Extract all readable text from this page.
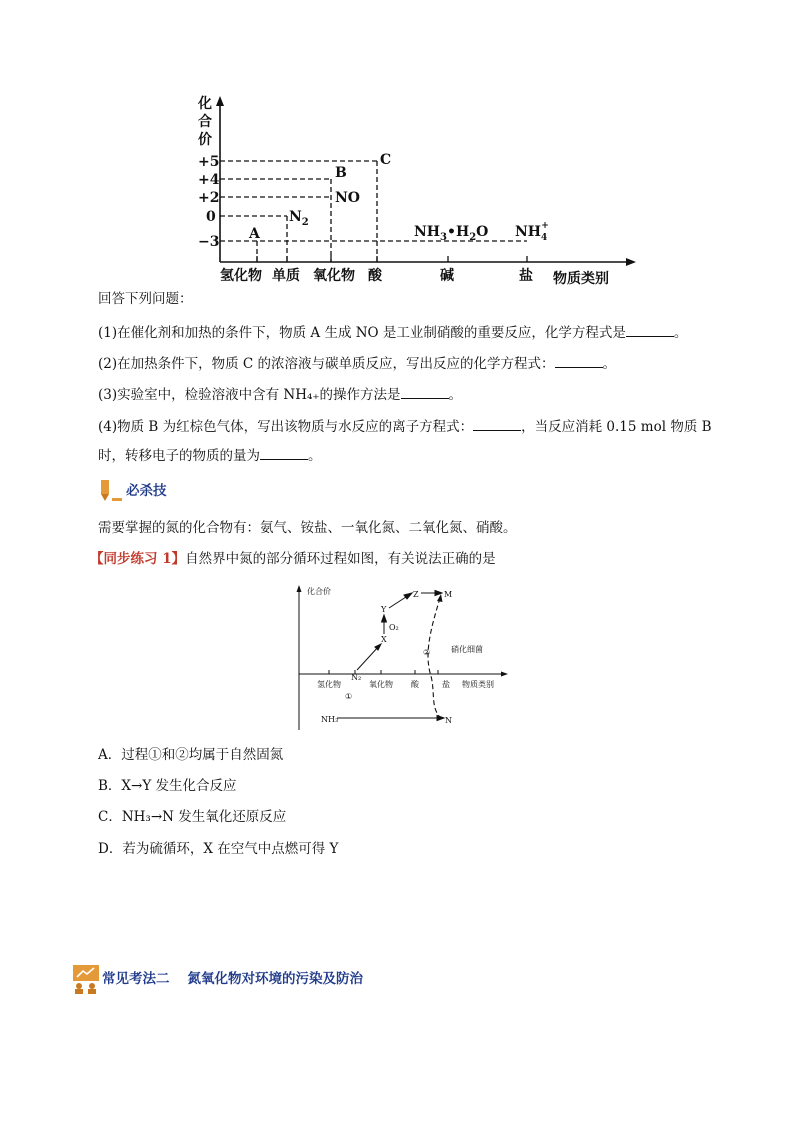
化
合
价
+5
+4
+2
0
−3 A
$N_2$
B
NO
C
$NH_3•H_2O$ $NH_4+$
氢化物 单质 氧化物 酸	碱	盐 物质类别
回答下列问题：
(1)在催化剂和加热的条件下，物质 A 生成 NO 是工业制硝酸的重要反应，化学方程式是	。
(2)在加热条件下，物质 C 的浓溶液与碳单质反应，写出反应的化学方程式：	。
(3)实验室中，检验溶液中含有 NH₄₊的操作方法是	。
(4)物质 B 为红棕色气体，写出该物质与水反应的离子方程式：	，当反应消耗 0.15 mol 物质 B
时，转移电子的物质的量为	。
必杀技
需要掌握的氮的化合物有：氨气、铵盐、一氧化氮、二氧化氮、硝酸。
【同步练习 1】自然界中氮的部分循环过程如图，有关说法正确的是
化合价
氢化物	氧化物 酸	盐 物质类别
N₂
X
Y
O₂
Z	M
NH₃	N
①
②	硝化细菌
A．过程①和②均属于自然固氮
B．X→Y 发生化合反应
C．NH₃→N 发生氧化还原反应
D．若为硫循环，X 在空气中点燃可得 Y
常见考法二 氮氧化物对环境的污染及防治
